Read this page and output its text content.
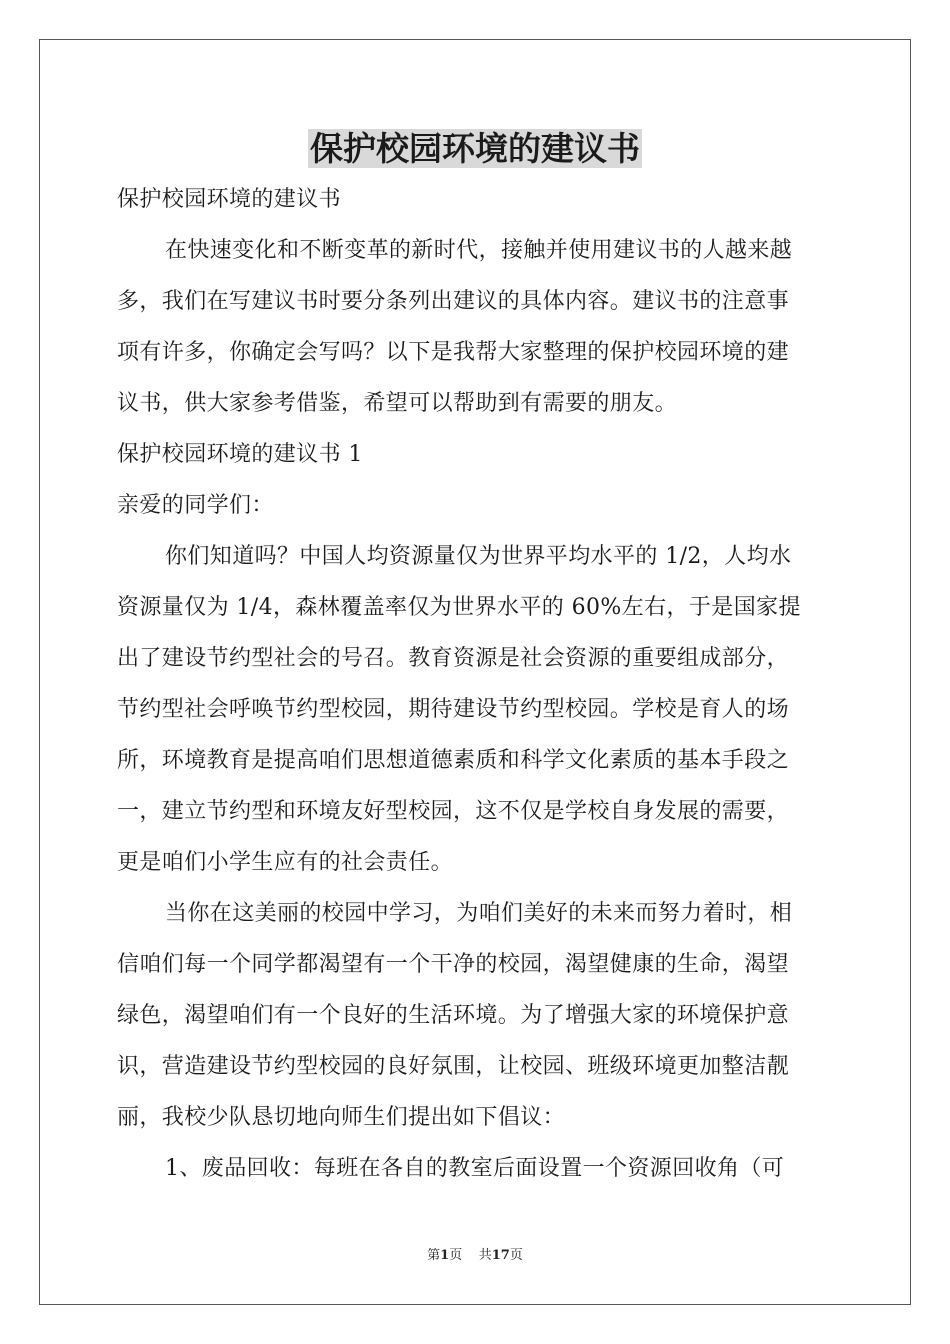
保护校园环境的建议书

保护校园环境的建议书

在快速变化和不断变革的新时代，接触并使用建议书的人越来越

多，我们在写建议书时要分条列出建议的具体内容。建议书的注意事

项有许多，你确定会写吗？以下是我帮大家整理的保护校园环境的建

议书，供大家参考借鉴，希望可以帮助到有需要的朋友。

保护校园环境的建议书 1

亲爱的同学们：

你们知道吗？中国人均资源量仅为世界平均水平的 1/2，人均水

资源量仅为 1/4，森林覆盖率仅为世界水平的 60%左右，于是国家提

出了建设节约型社会的号召。教育资源是社会资源的重要组成部分，

节约型社会呼唤节约型校园，期待建设节约型校园。学校是育人的场

所，环境教育是提高咱们思想道德素质和科学文化素质的基本手段之

一，建立节约型和环境友好型校园，这不仅是学校自身发展的需要，

更是咱们小学生应有的社会责任。

当你在这美丽的校园中学习，为咱们美好的未来而努力着时，相

信咱们每一个同学都渴望有一个干净的校园，渴望健康的生命，渴望

绿色，渴望咱们有一个良好的生活环境。为了增强大家的环境保护意

识，营造建设节约型校园的良好氛围，让校园、班级环境更加整洁靓

丽，我校少队恳切地向师生们提出如下倡议：

1、废品回收：每班在各自的教室后面设置一个资源回收角（可

第1页 共17页
